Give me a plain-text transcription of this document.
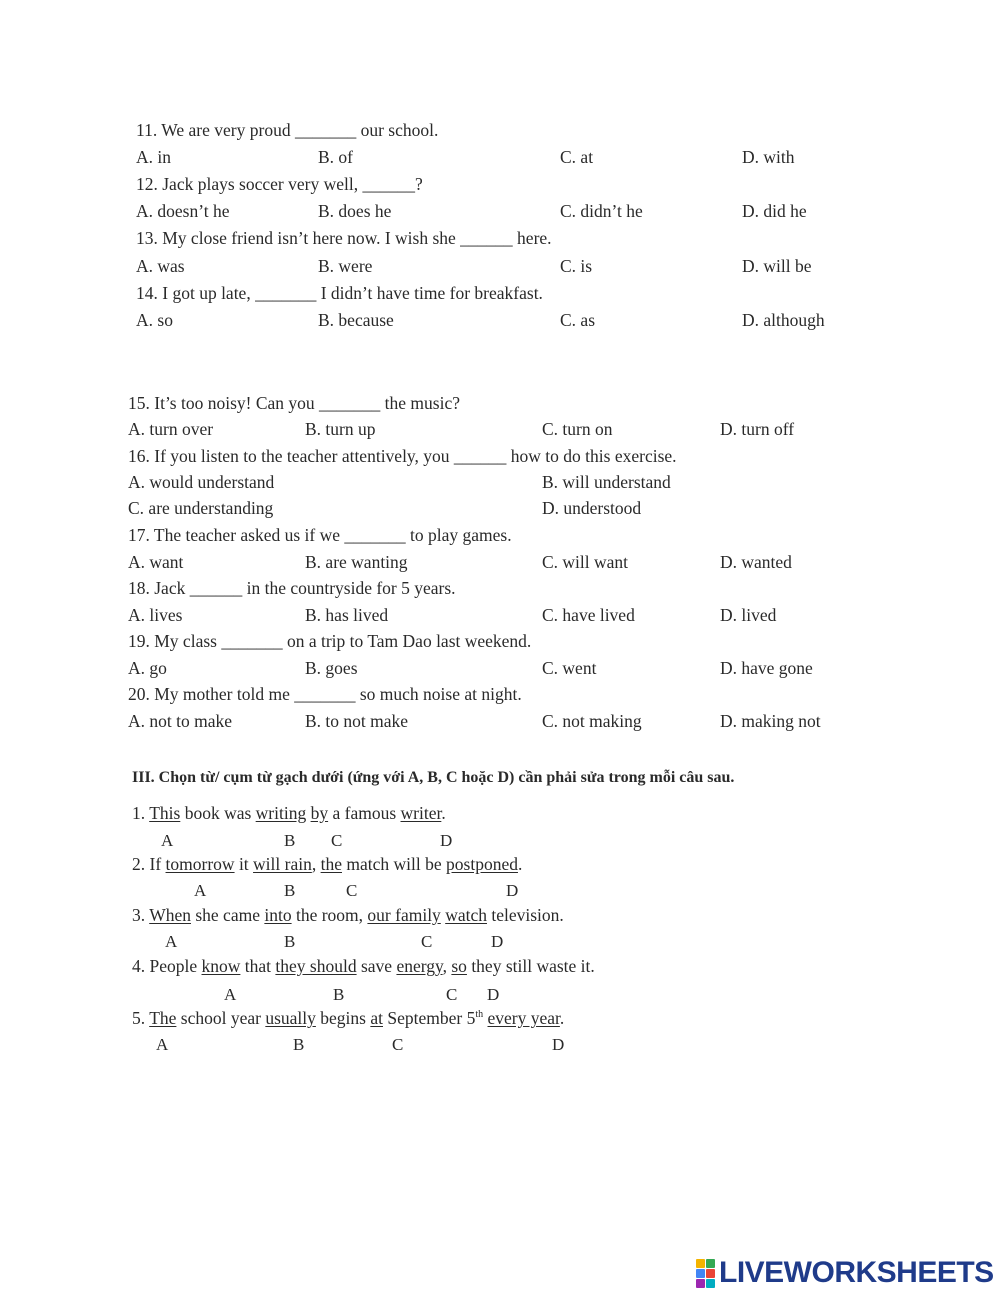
11. We are very proud _______ our school.
A. in	B. of	C. at	D. with
12. Jack plays soccer very well, ______?
A. doesn’t he	B. does he	C. didn’t he	D. did he
13. My close friend isn’t here now. I wish she ______ here.
A. was	B. were	C. is	D. will be
14. I got up late, _______ I didn’t have time for breakfast.
A. so	B. because	C. as	D. although
15. It’s too noisy! Can you _______ the music?
A. turn over	B. turn up	C. turn on	D. turn off
16. If you listen to the teacher attentively, you ______ how to do this exercise.
A. would understand	B. will understand
C. are understanding	D. understood
17. The teacher asked us if we _______ to play games.
A. want	B. are wanting	C. will want	D. wanted
18. Jack ______ in the countryside for 5 years.
A. lives	B. has lived	C. have lived	D. lived
19. My class _______ on a trip to Tam Dao last weekend.
A. go	B. goes	C. went	D. have gone
20. My mother told me _______ so much noise at night.
A. not to make	B. to not make	C. not making	D. making not
III. Chọn từ/ cụm từ gạch dưới (ứng với A, B, C hoặc D) cần phải sửa trong mỗi câu sau.
1. This book was writing by a famous writer.
A	B C	D
2. If tomorrow it will rain, the match will be postponed.
A	B	C	D
3. When she came into the room, our family watch television.
A	B	C	D
4. People know that they should save energy, so they still waste it.
A	B	C D
5. The school year usually begins at September 5th every year.
A	B	C	D
LIVEWORKSHEETS
